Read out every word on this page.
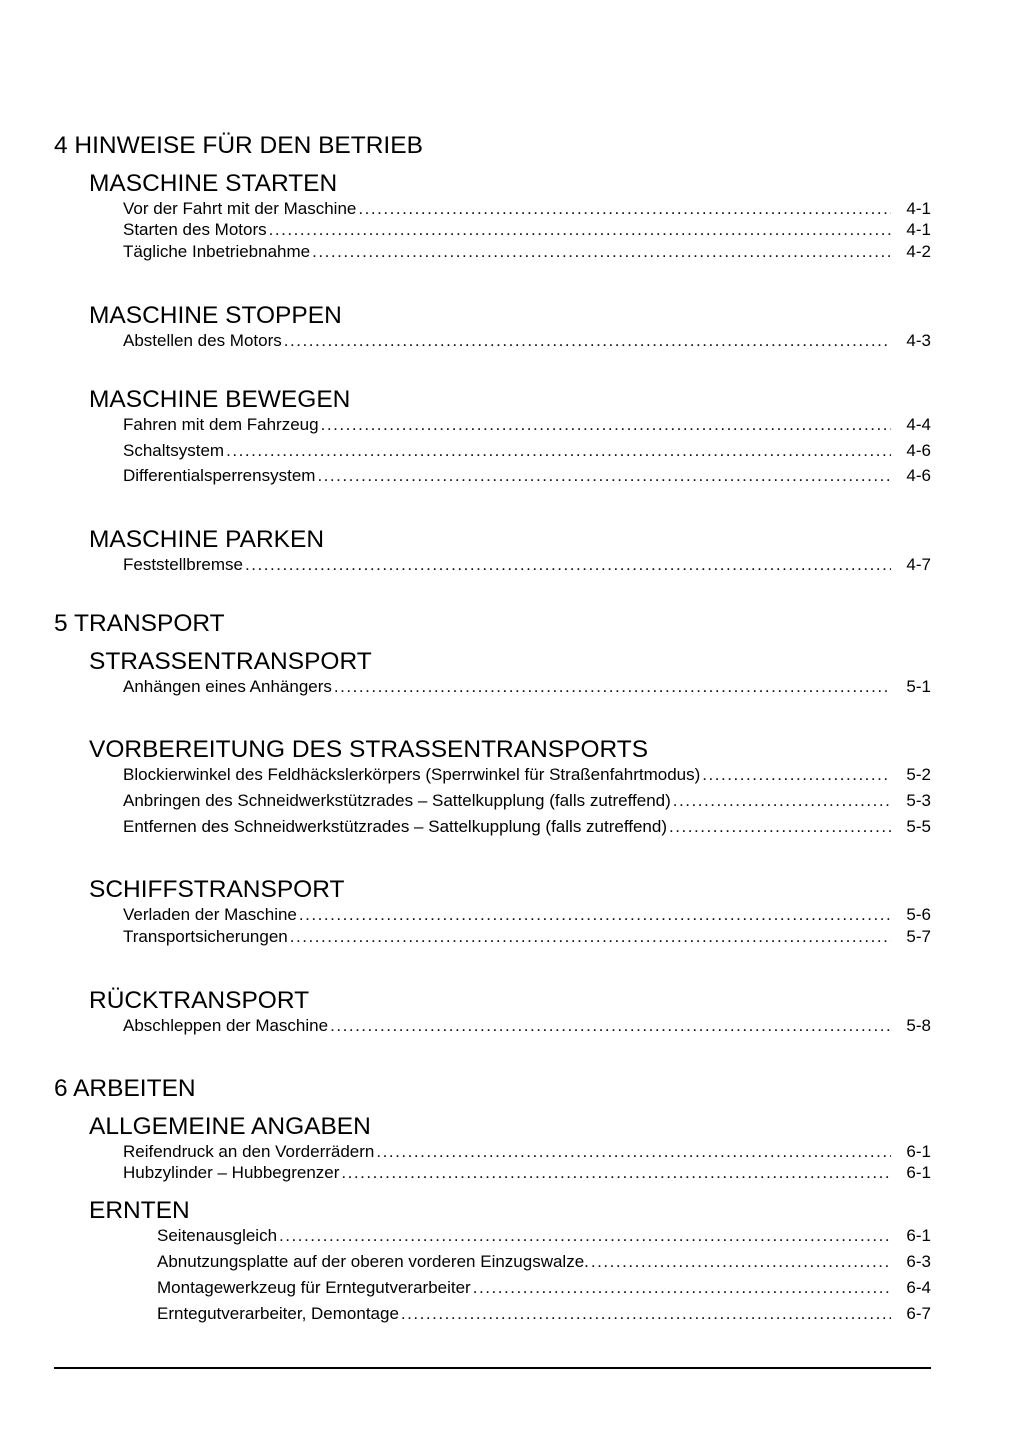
4 HINWEISE FÜR DEN BETRIEB
MASCHINE STARTEN
Vor der Fahrt mit der Maschine . . .	4-1
Starten des Motors . . .	4-1
Tägliche Inbetriebnahme . . .	4-2
MASCHINE STOPPEN
Abstellen des Motors . . .	4-3
MASCHINE BEWEGEN
Fahren mit dem Fahrzeug . . .	4-4
Schaltsystem . . .	4-6
Differentialsperrensystem . . .	4-6
MASCHINE PARKEN
Feststellbremse . . .	4-7
5 TRANSPORT
STRASSENTRANSPORT
Anhängen eines Anhängers . . .	5-1
VORBEREITUNG DES STRASSENTRANSPORTS
Blockierwinkel des Feldhäckslerkörpers (Sperrwinkel für Straßenfahrtmodus) . . .	5-2
Anbringen des Schneidwerkstützrades – Sattelkupplung (falls zutreffend) . . .	5-3
Entfernen des Schneidwerkstützrades – Sattelkupplung (falls zutreffend) . . .	5-5
SCHIFFSTRANSPORT
Verladen der Maschine . . .	5-6
Transportsicherungen . . .	5-7
RÜCKTRANSPORT
Abschleppen der Maschine . . .	5-8
6 ARBEITEN
ALLGEMEINE ANGABEN
Reifendruck an den Vorderrädern . . .	6-1
Hubzylinder – Hubbegrenzer . . .	6-1
ERNTEN
Seitenausgleich . . .	6-1
Abnutzungsplatte auf der oberen vorderen Einzugswalze. . . .	6-3
Montagewerkzeug für Erntegutverarbeiter . . .	6-4
Erntegutverarbeiter, Demontage . . .	6-7
